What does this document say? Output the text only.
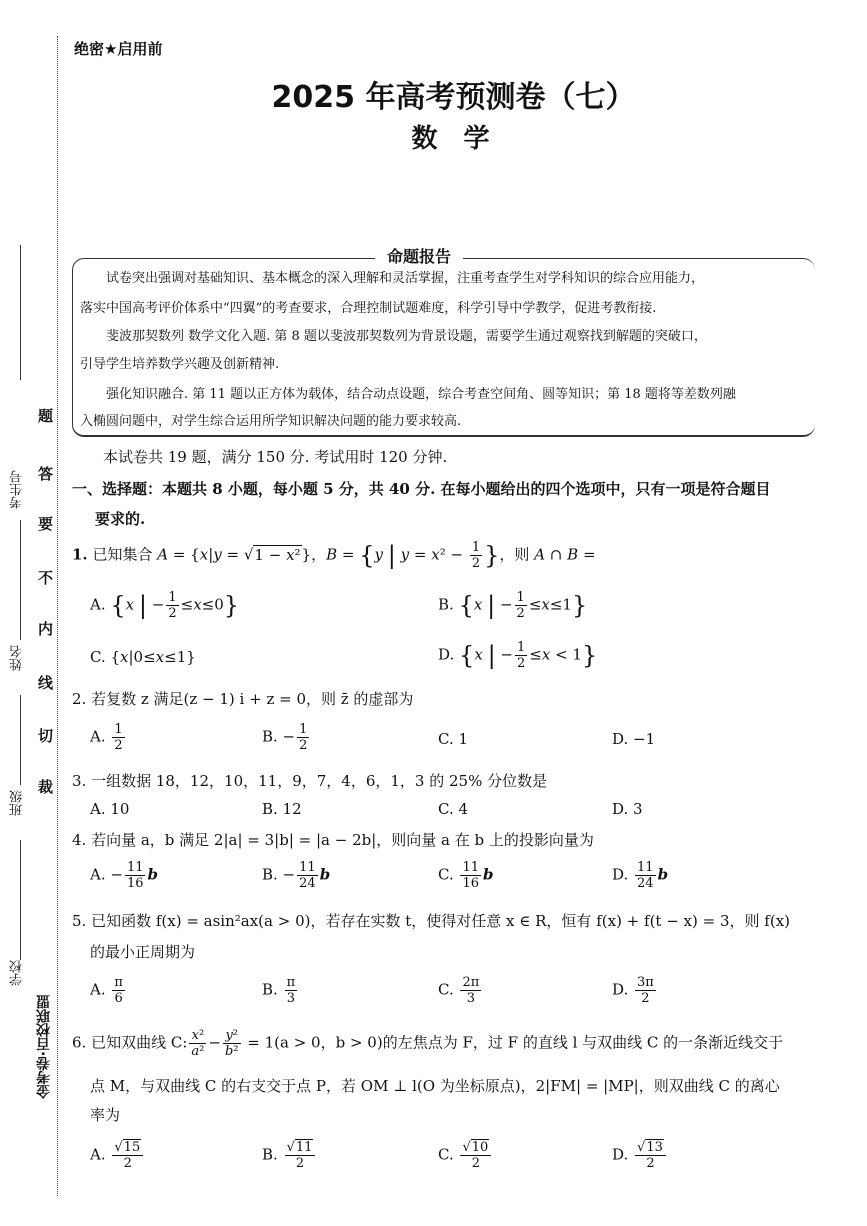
考生号
姓名
班级
学校
题
答
要
不
内
线
切
裁
金考卷·百校联盟
绝密★启用前
2025 年高考预测卷（七）
数学
命题报告
试卷突出强调对基础知识、基本概念的深入理解和灵活掌握，注重考查学生对学科知识的综合应用能力，
落实中国高考评价体系中“四翼”的考查要求，合理控制试题难度，科学引导中学教学，促进考教衔接.
斐波那契数列 数学文化入题. 第 8 题以斐波那契数列为背景设题，需要学生通过观察找到解题的突破口，
引导学生培养数学兴趣及创新精神.
强化知识融合. 第 11 题以正方体为载体，结合动点设题，综合考查空间角、圆等知识；第 18 题将等差数列融
入椭圆问题中，对学生综合运用所学知识解决问题的能力要求较高.
本试卷共 19 题，满分 150 分. 考试用时 120 分钟.
一、选择题：本题共 8 小题，每小题 5 分，共 40 分. 在每小题给出的四个选项中，只有一项是符合题目
要求的.
1. 已知集合 A = {x|y = √1 − x²}，B = {y | $y = x^2 - \frac{1}{2}$ }，则 A ∩ B =
A. {x | − $\frac{1}{2} \le x\le 0$}	B. {x | − $\frac{1}{2} \le x\le 1$}
C. {x|0≤x≤1}	D. {x | − $\frac{1}{2} \le x < 1$}
2. 若复数 z 满足(z − 1) i + z = 0，则 z̄ 的虚部为
A. $\frac{1}{2}$	B. − $\frac{1}{2}$	C. 1	D. −1
3. 一组数据 18，12，10，11，9，7，4，6，1，3 的 25% 分位数是
A. 10	B. 12	C. 4	D. 3
4. 若向量 a，b 满足 2|a| = 3|b| = |a − 2b|，则向量 a 在 b 上的投影向量为
A. − $\frac{11}{16}$ b	B. − $\frac{11}{24}$ b	C. $\frac{11}{16}$ b	D. $\frac{11}{24}$ b
5. 已知函数 f(x) = asin²ax(a > 0)，若存在实数 t，使得对任意 x ∈ R，恒有 f(x) + f(t − x) = 3，则 f(x)
的最小正周期为
A. $\frac{\pi}{6}$	B. $\frac{\pi}{3}$	C. $\frac{2\pi}{3}$	D. $\frac{3\pi}{2}$
6. 已知双曲线 C: $\frac{\text{x²}}{\text{a²}} - \frac{\text{y²}}{\text{b²}} = 1(a > 0$，b > 0)的左焦点为 F，过 F 的直线 l 与双曲线 C 的一条渐近线交于
点 M，与双曲线 C 的右支交于点 P，若 OM ⊥ l(O 为坐标原点)，2|FM| = |MP|，则双曲线 C 的离心
率为
A. $\frac{√15}{2}$	B. $\frac{√11}{2}$	C. $\frac{√10}{2}$	D. $\frac{√13}{2}$
